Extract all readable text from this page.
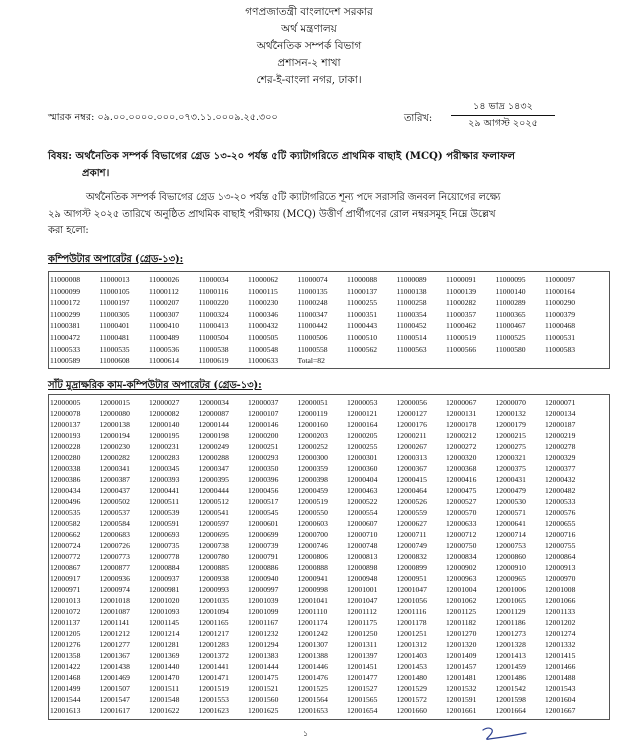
গণপ্রজাতন্ত্রী বাংলাদেশ সরকার
অর্থ মন্ত্রণালয়
অর্থনৈতিক সম্পর্ক বিভাগ
প্রশাসন-২ শাখা
শের-ই-বাংলা নগর, ঢাকা।
স্মারক নম্বর: ০৯.০০.০০০০.০০০.০৭৩.১১.০০০৯.২৫.৩০০	তারিখ:
১৪ ভাদ্র ১৪৩২
২৯ আগস্ট ২০২৫
বিষয়: অর্থনৈতিক সম্পর্ক বিভাগের গ্রেড ১৩-২০ পর্যন্ত ৫টি ক্যাটাগরিতে প্রাথমিক বাছাই (MCQ) পরীক্ষার ফলাফল
প্রকাশ।
অর্থনৈতিক সম্পর্ক বিভাগের গ্রেড ১৩-২০ পর্যন্ত ৫টি ক্যাটাগরিতে শূন্য পদে সরাসরি জনবল নিয়োগের লক্ষ্যে
২৯ আগস্ট ২০২৫ তারিখে অনুষ্ঠিত প্রাথমিক বাছাই পরীক্ষায় (MCQ) উত্তীর্ণ প্রার্থীগণের রোল নম্বরসমূহ নিম্নে উল্লেখ
করা হলো:
কম্পিউটার অপারেটর (গ্রেড-১৩):
11000008	11000013	11000026	11000034	11000062	11000074	11000088	11000089	11000091	11000095	11000097
11000099	11000105	11000112	11000116	11000115	11000135	11000137	11000138	11000139	11000140	11000164
11000172	11000197	11000207	11000220	11000230	11000248	11000255	11000258	11000282	11000289	11000290
11000299	11000305	11000307	11000324	11000346	11000347	11000351	11000354	11000357	11000365	11000379
11000381	11000401	11000410	11000413	11000432	11000442	11000443	11000452	11000462	11000467	11000468
11000472	11000481	11000489	11000504	11000505	11000506	11000510	11000514	11000519	11000525	11000531
11000533	11000535	11000536	11000538	11000548	11000558	11000562	11000563	11000566	11000580	11000583
11000589	11000608	11000614	11000619	11000633	Total=82
সাঁট মুদ্রাক্ষরিক কাম-কম্পিউটার অপারেটর (গ্রেড-১৩):
12000005	12000015	12000027	12000034	12000037	12000051	12000053	12000056	12000067	12000070	12000071
12000078	12000080	12000082	12000087	12000107	12000119	12000121	12000127	12000131	12000132	12000134
12000137	12000138	12000140	12000144	12000146	12000160	12000164	12000176	12000178	12000179	12000187
12000193	12000194	12000195	12000198	12000200	12000203	12000205	12000211	12000212	12000215	12000219
12000228	12000230	12000231	12000249	12000251	12000252	12000255	12000267	12000272	12000275	12000278
12000280	12000282	12000283	12000288	12000293	12000300	12000301	12000313	12000320	12000321	12000329
12000338	12000341	12000345	12000347	12000350	12000359	12000360	12000367	12000368	12000375	12000377
12000386	12000387	12000393	12000395	12000396	12000398	12000404	12000415	12000416	12000431	12000432
12000434	12000437	12000441	12000444	12000456	12000459	12000463	12000464	12000475	12000479	12000482
12000496	12000502	12000511	12000512	12000517	12000519	12000522	12000526	12000527	12000530	12000533
12000535	12000537	12000539	12000541	12000545	12000550	12000554	12000559	12000570	12000571	12000576
12000582	12000584	12000591	12000597	12000601	12000603	12000607	12000627	12000633	12000641	12000655
12000662	12000683	12000693	12000695	12000699	12000700	12000710	12000711	12000712	12000714	12000716
12000724	12000726	12000735	12000738	12000739	12000746	12000748	12000749	12000750	12000753	12000755
12000772	12000773	12000778	12000780	12000791	12000806	12000813	12000832	12000834	12000860	12000864
12000867	12000877	12000884	12000885	12000886	12000888	12000898	12000899	12000902	12000910	12000913
12000917	12000936	12000937	12000938	12000940	12000941	12000948	12000951	12000963	12000965	12000970
12000971	12000974	12000981	12000993	12000997	12000998	12001001	12001047	12001004	12001006	12001008
12001013	12001018	12001020	12001035	12001039	12001041	12001047	12001056	12001062	12001065	12001066
12001072	12001087	12001093	12001094	12001099	12001110	12001112	12001116	12001125	12001129	12001133
12001137	12001141	12001145	12001165	12001167	12001174	12001175	12001178	12001182	12001186	12001202
12001205	12001212	12001214	12001217	12001232	12001242	12001250	12001251	12001270	12001273	12001274
12001276	12001277	12001281	12001283	12001294	12001307	12001311	12001312	12001320	12001328	12001332
12001358	12001367	12001369	12001372	12001383	12001388	12001397	12001403	12001409	12001413	12001415
12001422	12001438	12001440	12001441	12001444	12001446	12001451	12001453	12001457	12001459	12001466
12001468	12001469	12001470	12001471	12001475	12001476	12001477	12001480	12001481	12001486	12001488
12001499	12001507	12001511	12001519	12001521	12001525	12001527	12001529	12001532	12001542	12001543
12001544	12001547	12001548	12001553	12001560	12001564	12001565	12001572	12001591	12001598	12001604
12001613	12001617	12001622	12001623	12001625	12001653	12001654	12001660	12001661	12001664	12001667
১
